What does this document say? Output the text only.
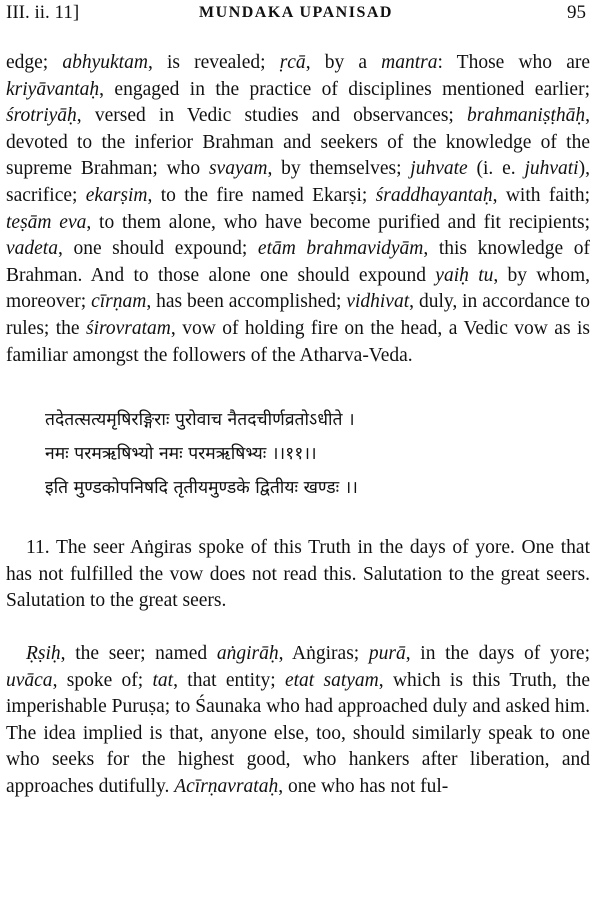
III. ii. 11]	MUNDAKA UPANISAD	95

edge; abhyuktam, is revealed; ṛcā, by a mantra: Those who are kriyāvantaḥ, engaged in the practice of disciplines mentioned earlier; śrotriyāḥ, versed in Vedic studies and observances; brahmaniṣṭhāḥ, devoted to the inferior Brahman and seekers of the knowledge of the supreme Brahman; who svayam, by themselves; juhvate (i. e. juhvati), sacrifice; ekarṣim, to the fire named Ekarṣi; śraddhayantaḥ, with faith; teṣām eva, to them alone, who have become purified and fit recipients; vadeta, one should expound; etām brahmavidyām, this knowledge of Brahman. And to those alone one should expound yaiḥ tu, by whom, moreover; cīrṇam, has been accomplished; vidhivat, duly, in accordance to rules; the śirovratam, vow of holding fire on the head, a Vedic vow as is familiar amongst the followers of the Atharva-Veda.

तदेतत्सत्यमृषिरङ्गिराः पुरोवाच नैतदचीर्णव्रतोऽधीते ।
नमः परमऋषिभ्यो नमः परमऋषिभ्यः ।।११।।
इति मुण्डकोपनिषदि तृतीयमुण्डके द्वितीयः खण्डः ।।

11. The seer Aṅgiras spoke of this Truth in the days of yore. One that has not fulfilled the vow does not read this. Salutation to the great seers. Salutation to the great seers.

Ṛṣiḥ, the seer; named aṅgirāḥ, Aṅgiras; purā, in the days of yore; uvāca, spoke of; tat, that entity; etat satyam, which is this Truth, the imperishable Puruṣa; to Śaunaka who had approached duly and asked him. The idea implied is that, anyone else, too, should similarly speak to one who seeks for the highest good, who hankers after liberation, and approaches dutifully. Acīrṇavrataḥ, one who has not ful-
